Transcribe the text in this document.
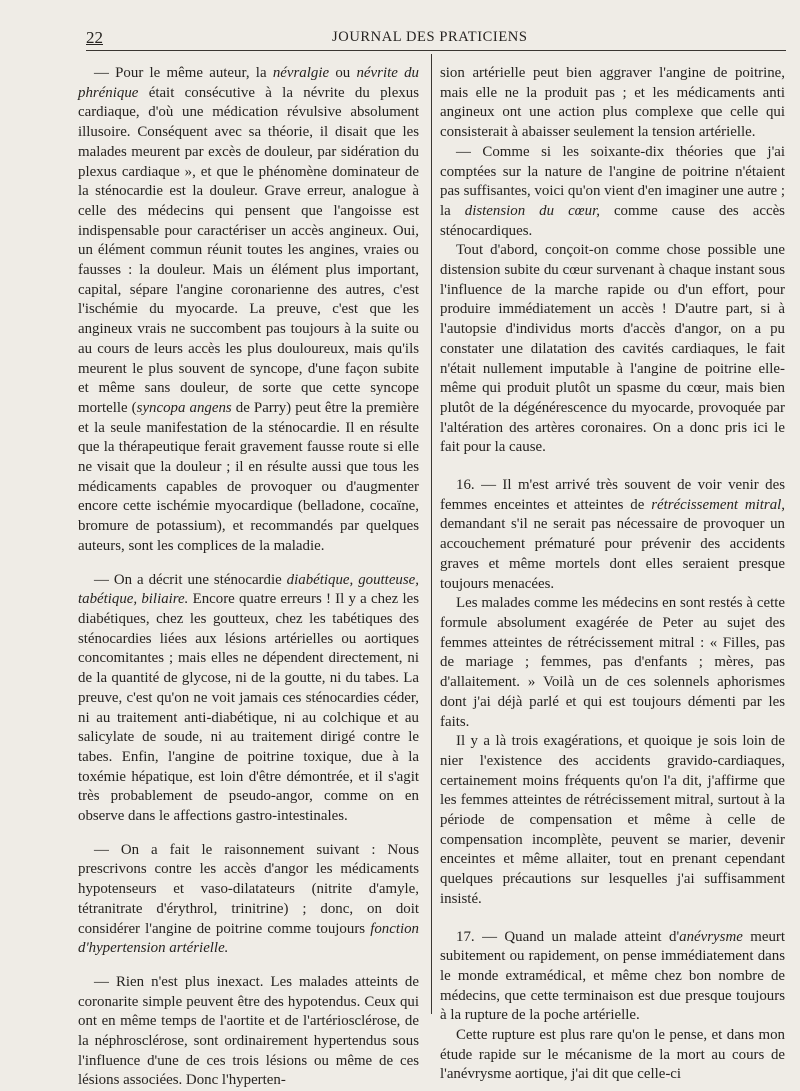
22	JOURNAL DES PRATICIENS

— Pour le même auteur, la névralgie ou névrite du phrénique était consécutive à la névrite du plexus cardiaque, d'où une médication révulsive absolument illusoire. Conséquent avec sa théorie, il disait que les malades meurent par excès de douleur, par sidération du plexus cardiaque », et que le phénomène dominateur de la sténocardie est la douleur. Grave erreur, analogue à celle des médecins qui pensent que l'angoisse est indispensable pour caractériser un accès angineux. Oui, un élément commun réunit toutes les angines, vraies ou fausses : la douleur. Mais un élément plus important, capital, sépare l'angine coronarienne des autres, c'est l'ischémie du myocarde. La preuve, c'est que les angineux vrais ne succombent pas toujours à la suite ou au cours de leurs accès les plus douloureux, mais qu'ils meurent le plus souvent de syncope, d'une façon subite et même sans douleur, de sorte que cette syncope mortelle (syncopa angens de Parry) peut être la première et la seule manifestation de la sténocardie. Il en résulte que la thérapeutique ferait gravement fausse route si elle ne visait que la douleur ; il en résulte aussi que tous les médicaments capables de provoquer ou d'augmenter encore cette ischémie myocardique (belladone, cocaïne, bromure de potassium), et recommandés par quelques auteurs, sont les complices de la maladie.

— On a décrit une sténocardie diabétique, goutteuse, tabétique, biliaire. Encore quatre erreurs ! Il y a chez les diabétiques, chez les goutteux, chez les tabétiques des sténocardies liées aux lésions artérielles ou aortiques concomitantes ; mais elles ne dépendent directement, ni de la quantité de glycose, ni de la goutte, ni du tabes. La preuve, c'est qu'on ne voit jamais ces sténocardies céder, ni au traitement anti-diabétique, ni au colchique et au salicylate de soude, ni au traitement dirigé contre le tabes. Enfin, l'angine de poitrine toxique, due à la toxémie hépatique, est loin d'être démontrée, et il s'agit très probablement de pseudo-angor, comme on en observe dans le affections gastro-intestinales.

— On a fait le raisonnement suivant : Nous prescrivons contre les accès d'angor les médicaments hypotenseurs et vaso-dilatateurs (nitrite d'amyle, tétranitrate d'érythrol, trinitrine) ; donc, on doit considérer l'angine de poitrine comme toujours fonction d'hypertension artérielle.

— Rien n'est plus inexact. Les malades atteints de coronarite simple peuvent être des hypotendus. Ceux qui ont en même temps de l'aortite et de l'artériosclérose, de la néphrosclérose, sont ordinairement hypertendus sous l'influence d'une de ces trois lésions ou même de ces lésions associées. Donc l'hyperten-

sion artérielle peut bien aggraver l'angine de poitrine, mais elle ne la produit pas ; et les médicaments anti angineux ont une action plus complexe que celle qui consisterait à abaisser seulement la tension artérielle.

— Comme si les soixante-dix théories que j'ai comptées sur la nature de l'angine de poitrine n'étaient pas suffisantes, voici qu'on vient d'en imaginer une autre ; la distension du cœur, comme cause des accès sténocardiques.

Tout d'abord, conçoit-on comme chose possible une distension subite du cœur survenant à chaque instant sous l'influence de la marche rapide ou d'un effort, pour produire immédiatement un accès ! D'autre part, si à l'autopsie d'individus morts d'accès d'angor, on a pu constater une dilatation des cavités cardiaques, le fait n'était nullement imputable à l'angine de poitrine elle-même qui produit plutôt un spasme du cœur, mais bien plutôt de la dégénérescence du myocarde, provoquée par l'altération des artères coronaires. On a donc pris ici le fait pour la cause.

16. — Il m'est arrivé très souvent de voir venir des femmes enceintes et atteintes de rétrécissement mitral, demandant s'il ne serait pas nécessaire de provoquer un accouchement prématuré pour prévenir des accidents graves et même mortels dont elles seraient presque toujours menacées.

Les malades comme les médecins en sont restés à cette formule absolument exagérée de Peter au sujet des femmes atteintes de rétrécissement mitral : « Filles, pas de mariage ; femmes, pas d'enfants ; mères, pas d'allaitement. » Voilà un de ces solennels aphorismes dont j'ai déjà parlé et qui est toujours démenti par les faits.

Il y a là trois exagérations, et quoique je sois loin de nier l'existence des accidents gravido-cardiaques, certainement moins fréquents qu'on l'a dit, j'affirme que les femmes atteintes de rétrécissement mitral, surtout à la période de compensation et même à celle de compensation incomplète, peuvent se marier, devenir enceintes et même allaiter, tout en prenant cependant quelques précautions sur lesquelles j'ai suffisamment insisté.

17. — Quand un malade atteint d'anévrysme meurt subitement ou rapidement, on pense immédiatement dans le monde extramédical, et même chez bon nombre de médecins, que cette terminaison est due presque toujours à la rupture de la poche artérielle.

Cette rupture est plus rare qu'on le pense, et dans mon étude rapide sur le mécanisme de la mort au cours de l'anévrysme aortique, j'ai dit que celle-ci
